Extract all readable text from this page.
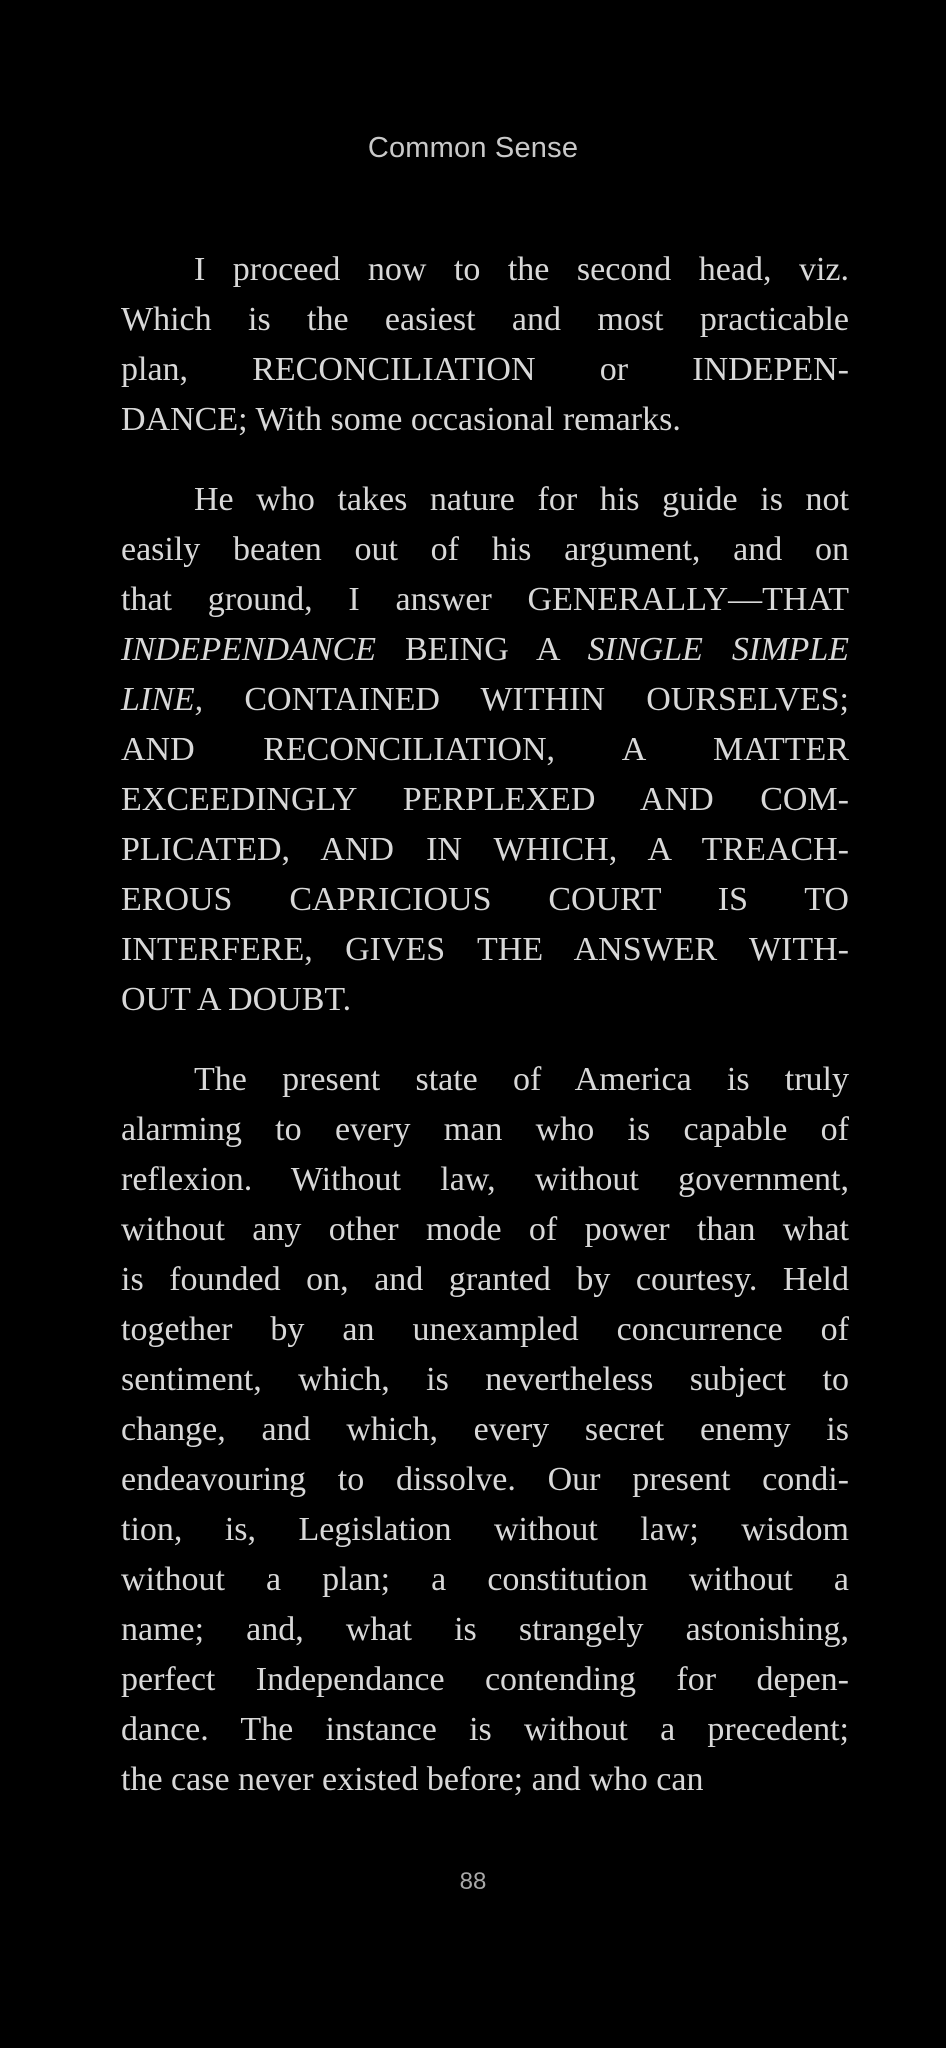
Common Sense
I proceed now to the second head, viz.
Which is the easiest and most practicable
plan, RECONCILIATION or INDEPEN-
DANCE; With some occasional remarks.
He who takes nature for his guide is not
easily beaten out of his argument, and on
that ground, I answer GENERALLY—THAT
INDEPENDANCE BEING A SINGLE SIMPLE
LINE, CONTAINED WITHIN OURSELVES;
AND RECONCILIATION, A MATTER
EXCEEDINGLY PERPLEXED AND COM-
PLICATED, AND IN WHICH, A TREACH-
EROUS CAPRICIOUS COURT IS TO
INTERFERE, GIVES THE ANSWER WITH-
OUT A DOUBT.
The present state of America is truly
alarming to every man who is capable of
reflexion. Without law, without government,
without any other mode of power than what
is founded on, and granted by courtesy. Held
together by an unexampled concurrence of
sentiment, which, is nevertheless subject to
change, and which, every secret enemy is
endeavouring to dissolve. Our present condi-
tion, is, Legislation without law; wisdom
without a plan; a constitution without a
name; and, what is strangely astonishing,
perfect Independance contending for depen-
dance. The instance is without a precedent;
the case never existed before; and who can
88
